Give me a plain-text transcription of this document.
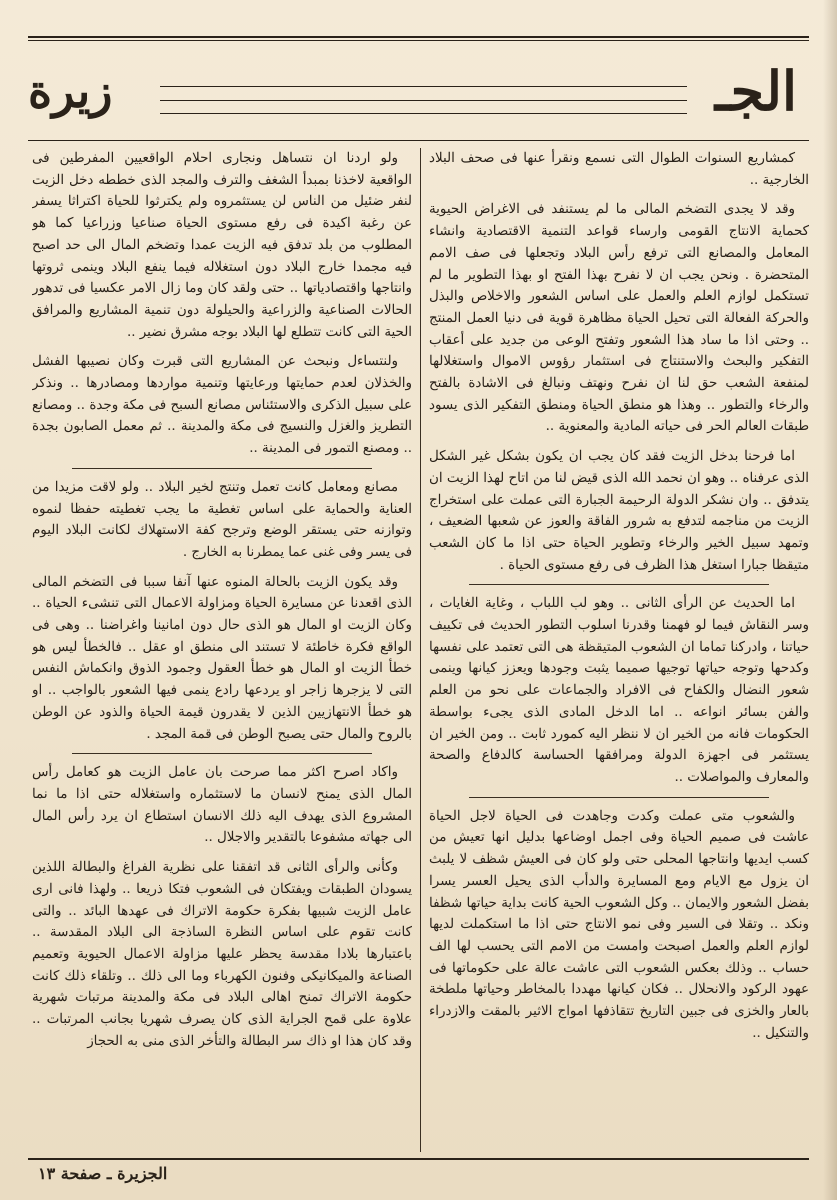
الجـ
زيرة

كمشاريع السنوات الطوال التى نسمع ونقرأ عنها فى صحف البلاد الخارجية ..

وقد لا يجدى التضخم المالى ما لم يستنفد فى الاغراض الحيوية كحماية الانتاج القومى وارساء قواعد التنمية الاقتصادية وانشاء المعامل والمصانع التى ترفع رأس البلاد وتجعلها فى صف الامم المتحضرة . ونحن يجب ان لا نفرح بهذا الفتح او بهذا التطوير ما لم تستكمل لوازم العلم والعمل على اساس الشعور والاخلاص والبذل والحركة الفعالة التى تحيل الحياة مظاهرة قوية فى دنيا العمل المنتج .. وحتى اذا ما ساد هذا الشعور وتفتح الوعى من جديد على أعقاب التفكير والبحث والاستنتاج فى استثمار رؤوس الاموال واستغلالها لمنفعة الشعب حق لنا ان نفرح ونهتف ونبالغ فى الاشادة بالفتح والرخاء والتطور .. وهذا هو منطق الحياة ومنطق التفكير الذى يسود طبقات العالم الحر فى حياته المادية والمعنوية ..

اما فرحنا بدخل الزيت فقد كان يجب ان يكون بشكل غير الشكل الذى عرفناه .. وهو ان نحمد الله الذى قيض لنا من اتاح لهذا الزيت ان يتدفق .. وان نشكر الدولة الرحيمة الجبارة التى عملت على استخراج الزيت من مناجمه لتدفع به شرور الفاقة والعوز عن شعبها الضعيف ، وتمهد سبيل الخير والرخاء وتطوير الحياة حتى اذا ما كان الشعب متيقظا جبارا استغل هذا الظرف فى رفع مستوى الحياة .

اما الحديث عن الرأى الثانى .. وهو لب اللباب ، وغاية الغايات ، وسر النقاش فيما لو فهمنا وقدرنا اسلوب التطور الحديث فى تكييف حياتنا ، وادركنا تماما ان الشعوب المتيقظة هى التى تعتمد على نفسها وكدحها وتوجه حياتها توجيها صميما يثبت وجودها ويعزز كيانها وينمى شعور النضال والكفاح فى الافراد والجماعات على نحو من العلم والفن بسائر انواعه .. اما الدخل المادى الذى يجىء بواسطة الحكومات فانه من الخير ان لا ننظر اليه كمورد ثابت .. ومن الخير ان يستثمر فى اجهزة الدولة ومرافقها الحساسة كالدفاع والصحة والمعارف والمواصلات ..

والشعوب متى عملت وكدت وجاهدت فى الحياة لاجل الحياة عاشت فى صميم الحياة وفى اجمل اوضاعها بدليل انها تعيش من كسب ايديها وانتاجها المحلى حتى ولو كان فى العيش شظف لا يلبث ان يزول مع الايام ومع المسايرة والدأب الذى يحيل العسر يسرا بفضل الشعور والايمان .. وكل الشعوب الحية كانت بداية حياتها شظفا ونكد .. وتقلا فى السير وفى نمو الانتاج حتى اذا ما استكملت لديها لوازم العلم والعمل اصبحت وامست من الامم التى يحسب لها الف حساب .. وذلك بعكس الشعوب التى عاشت عالة على حكوماتها فى عهود الركود والانحلال .. فكان كيانها مهددا بالمخاطر وحياتها ملطخة بالعار والخزى فى جبين التاريخ تتقاذفها امواج الاثير بالمقت والازدراء والتنكيل ..

ولو اردنا ان نتساهل ونجارى احلام الواقعيين المفرطين فى الواقعية لاخذنا بمبدأ الشغف والترف والمجد الذى خططه دخل الزيت لنفر ضئيل من الناس لن يستثمروه ولم يكترثوا للحياة اكتراثا يسفر عن رغبة اكيدة فى رفع مستوى الحياة صناعيا وزراعيا كما هو المطلوب من بلد تدفق فيه الزيت عمدا وتضخم المال الى حد اصبح فيه مجمدا خارج البلاد دون استغلاله فيما ينفع البلاد وينمى ثروتها وانتاجها واقتصادياتها .. حتى ولقد كان وما زال الامر عكسيا فى تدهور الحالات الصناعية والزراعية والحيلولة دون تنمية المشاريع والمرافق الحية التى كانت تتطلع لها البلاد بوجه مشرق نضير ..

ولنتساءل ونبحث عن المشاريع التى قبرت وكان نصيبها الفشل والخذلان لعدم حمايتها ورعايتها وتنمية مواردها ومصادرها .. ونذكر على سبيل الذكرى والاستئناس مصانع السبح فى مكة وجدة .. ومصانع التطريز والغزل والنسيج فى مكة والمدينة .. ثم معمل الصابون بجدة .. ومصنع التمور فى المدينة ..

مصانع ومعامل كانت تعمل وتنتج لخير البلاد .. ولو لاقت مزيدا من العناية والحماية على اساس تغطية ما يجب تغطيته حفظا لنموه وتوازنه حتى يستقر الوضع وترجح كفة الاستهلاك لكانت البلاد اليوم فى يسر وفى غنى عما يمطرنا به الخارج .

وقد يكون الزيت بالحالة المنوه عنها آنفا سببا فى التضخم المالى الذى اقعدنا عن مسايرة الحياة ومزاولة الاعمال التى تنشىء الحياة .. وكان الزيت او المال هو الذى حال دون امانينا واغراضنا .. وهى فى الواقع فكرة خاطئة لا تستند الى منطق او عقل .. فالخطأ ليس هو خطأ الزيت او المال هو خطأ العقول وجمود الذوق وانكماش النفس التى لا يزجرها زاجر او يردعها رادع ينمى فيها الشعور بالواجب .. او هو خطأ الانتهازيين الذين لا يقدرون قيمة الحياة والذود عن الوطن بالروح والمال حتى يصبح الوطن فى قمة المجد .

واكاد اصرح اكثر مما صرحت بان عامل الزيت هو كعامل رأس المال الذى يمنح لانسان ما لاستثماره واستغلاله حتى اذا ما نما المشروع الذى يهدف اليه ذلك الانسان استطاع ان يرد رأس المال الى جهاته مشفوعا بالتقدير والاجلال ..

وكأنى والرأى الثانى قد اتفقنا على نظرية الفراغ والبطالة اللذين يسودان الطبقات ويفتكان فى الشعوب فتكا ذريعا .. ولهذا فانى ارى عامل الزيت شبيها بفكرة حكومة الاتراك فى عهدها البائد .. والتى كانت تقوم على اساس النظرة الساذجة الى البلاد المقدسة .. باعتبارها بلادا مقدسة يحظر عليها مزاولة الاعمال الحيوية وتعميم الصناعة والميكانيكى وفنون الكهرباء وما الى ذلك .. وتلقاء ذلك كانت حكومة الاتراك تمنح اهالى البلاد فى مكة والمدينة مرتبات شهرية علاوة على قمح الجراية الذى كان يصرف شهريا بجانب المرتبات .. وقد كان هذا او ذاك سر البطالة والتأخر الذى منى به الحجاز

الجزيرة ـ صفحة ١٣
